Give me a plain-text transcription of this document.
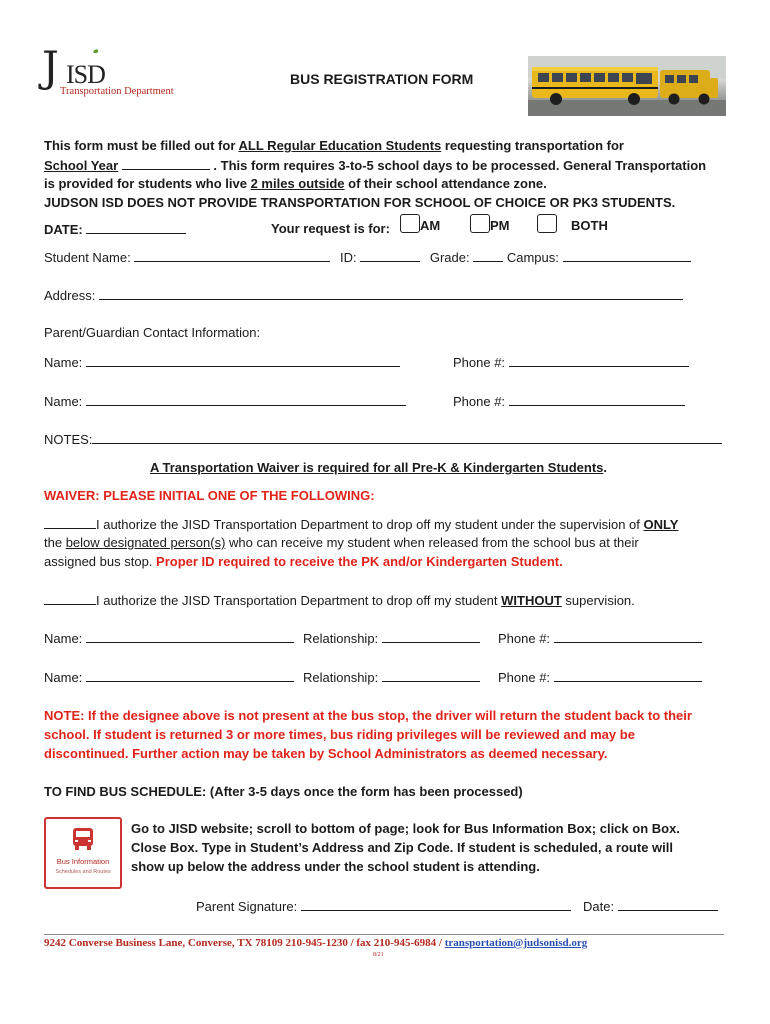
J ISD
Transportation Department
BUS REGISTRATION FORM
This form must be filled out for ALL Regular Education Students requesting transportation for
School Year	. This form requires 3-to-5 school days to be processed. General Transportation
is provided for students who live 2 miles outside of their school attendance zone.
JUDSON ISD DOES NOT PROVIDE TRANSPORTATION FOR SCHOOL OF CHOICE OR PK3 STUDENTS.
DATE:	Your request is for:	AM	PM	BOTH
Student Name:	ID:	Grade:	Campus:
Address:
Parent/Guardian Contact Information:
Name:	Phone #:
Name:	Phone #:
NOTES:
A Transportation Waiver is required for all Pre-K & Kindergarten Students.
WAIVER: PLEASE INITIAL ONE OF THE FOLLOWING:
I authorize the JISD Transportation Department to drop off my student under the supervision of ONLY
the below designated person(s) who can receive my student when released from the school bus at their
assigned bus stop. Proper ID required to receive the PK and/or Kindergarten Student.
I authorize the JISD Transportation Department to drop off my student WITHOUT supervision.
Name:	Relationship:	Phone #:
Name:	Relationship:	Phone #:
NOTE: If the designee above is not present at the bus stop, the driver will return the student back to their
school. If student is returned 3 or more times, bus riding privileges will be reviewed and may be
discontinued. Further action may be taken by School Administrators as deemed necessary.
TO FIND BUS SCHEDULE: (After 3-5 days once the form has been processed)
Bus Information
Schedules and Routes
Go to JISD website; scroll to bottom of page; look for Bus Information Box; click on Box.
Close Box. Type in Student’s Address and Zip Code. If student is scheduled, a route will
show up below the address under the school student is attending.
Parent Signature:	Date:
9242 Converse Business Lane, Converse, TX 78109 210-945-1230 / fax 210-945-6984 / transportation@judsonisd.org
8/21
